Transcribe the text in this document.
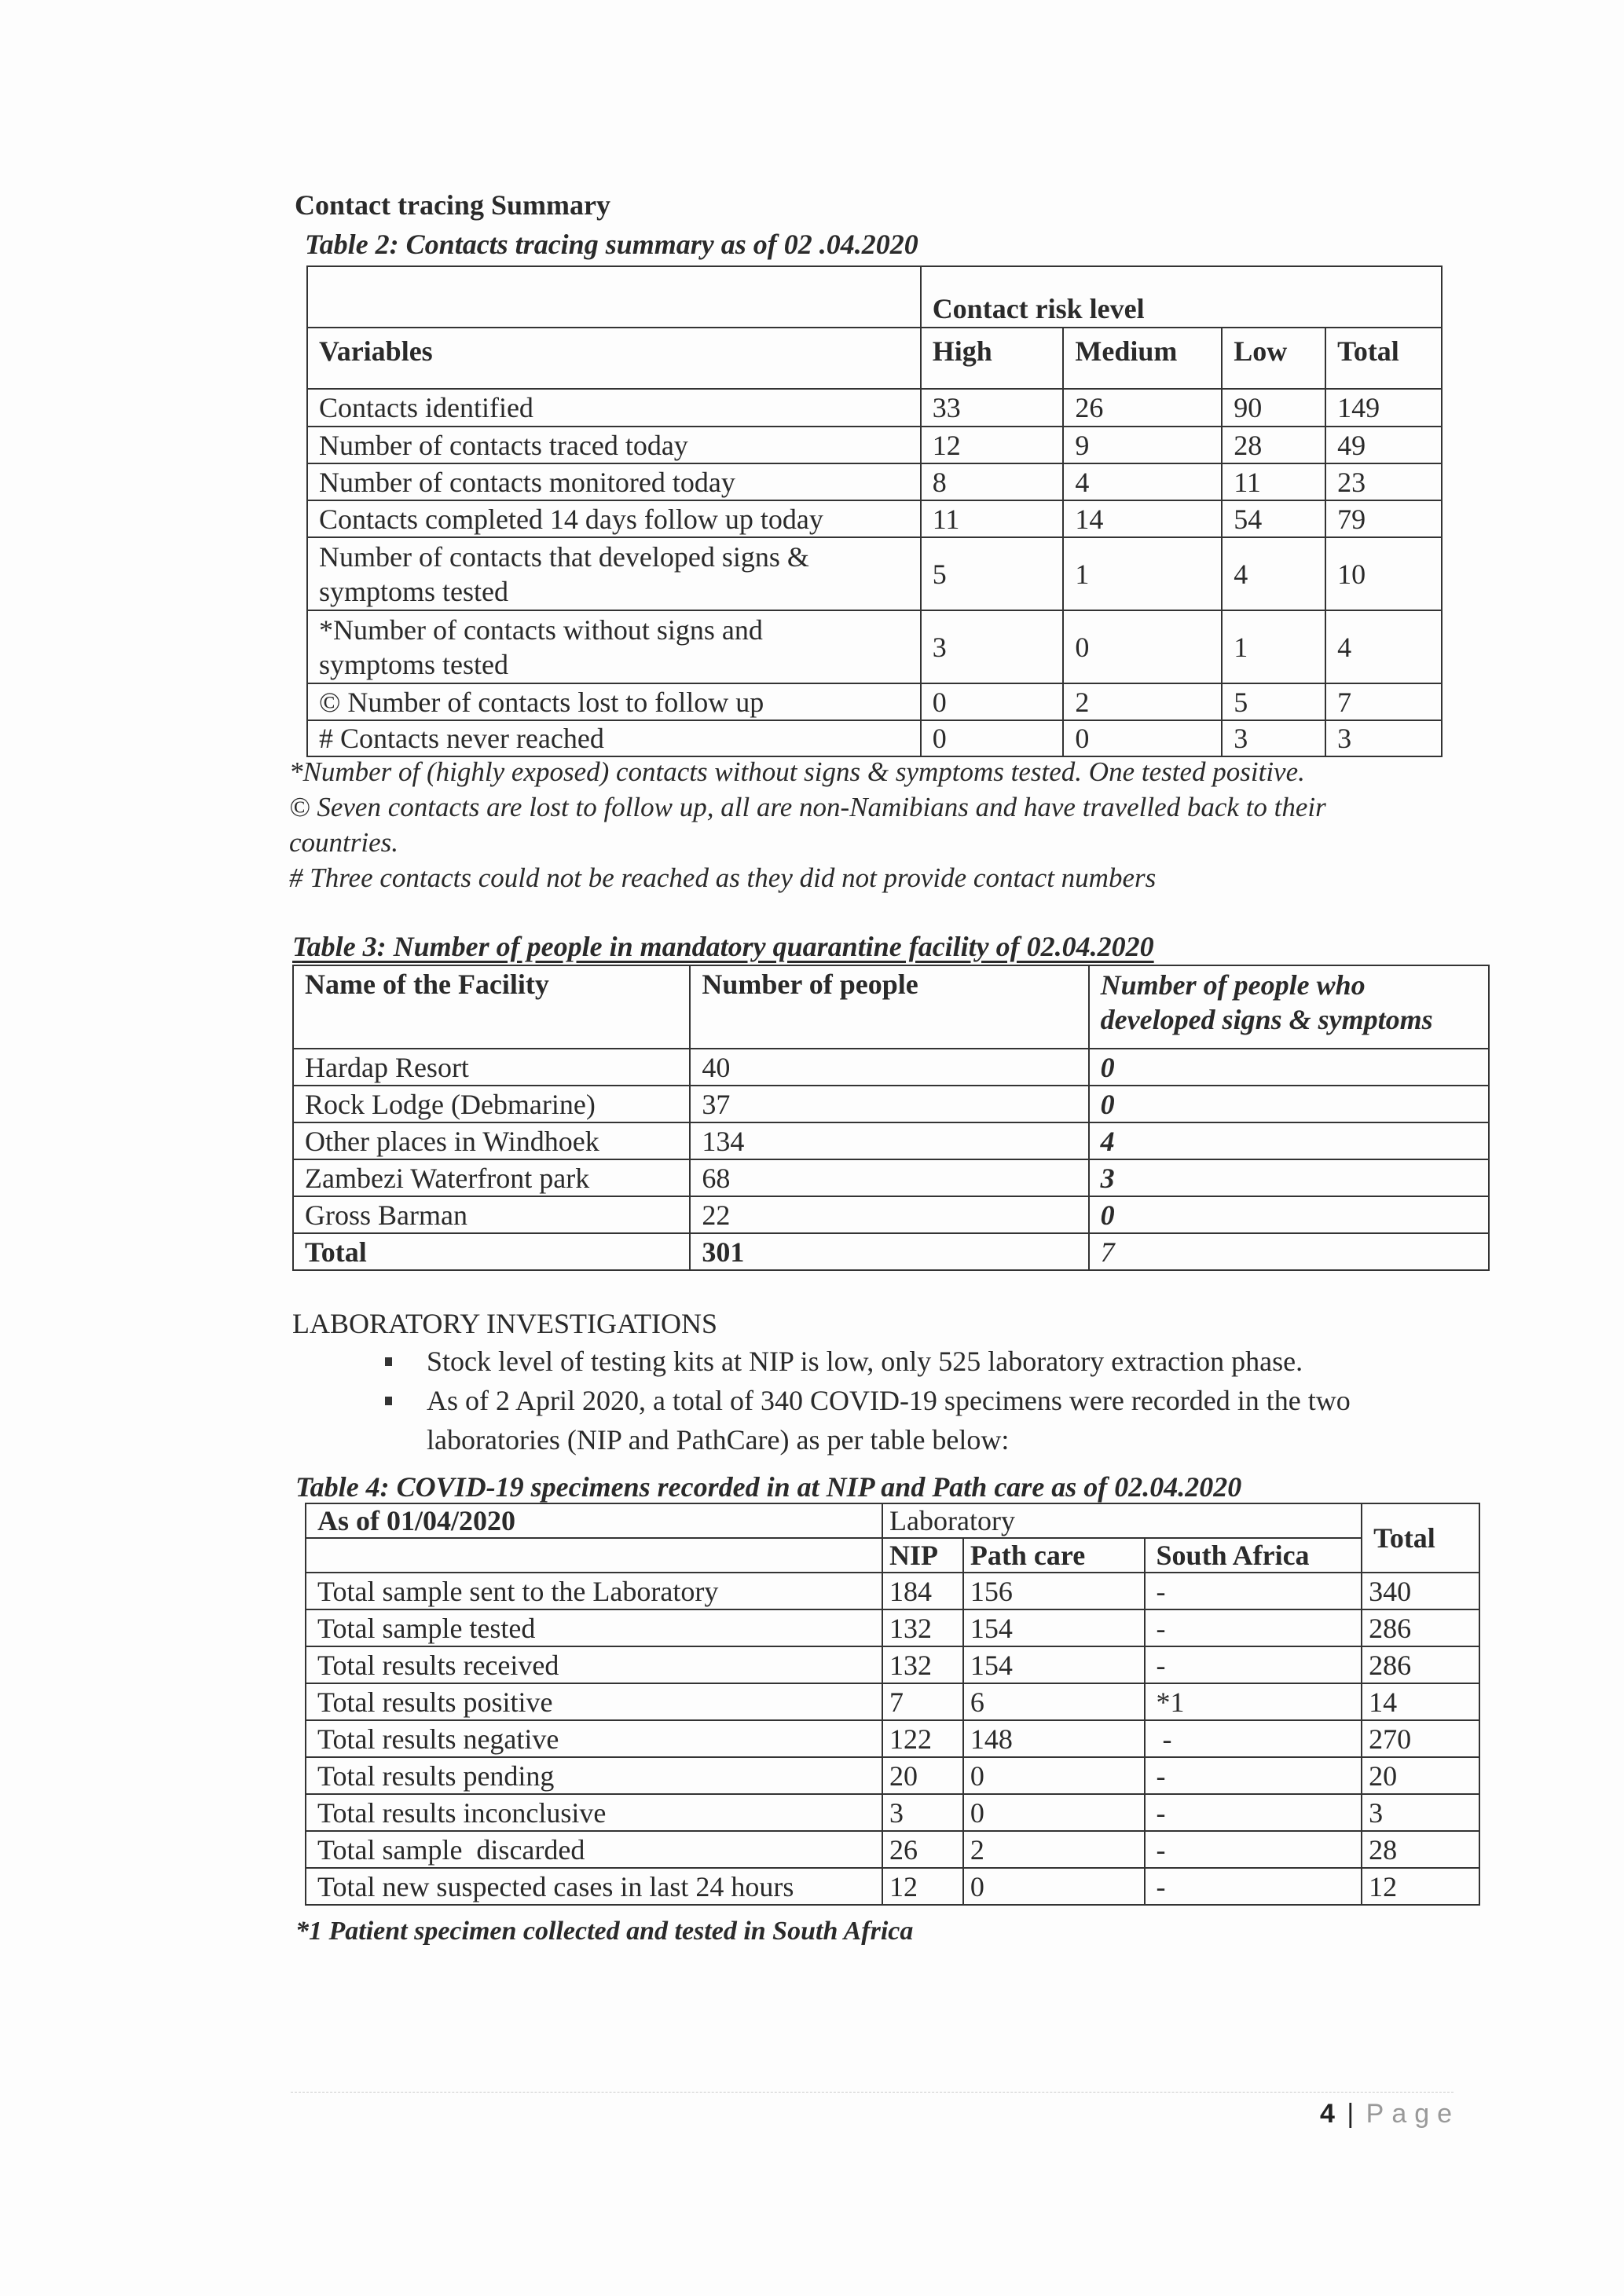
Contact tracing Summary
Table 2: Contacts tracing summary as of 02 .04.2020
	Contact risk level			
Variables	High	Medium	Low	Total
Contacts identified	33	26	90	149
Number of contacts traced today	12	9	28	49
Number of contacts monitored today	8	4	11	23
Contacts completed 14 days follow up today	11	14	54	79
Number of contacts that developed signs & symptoms tested	5	1	4	10
*Number of contacts without signs and symptoms tested	3	0	1	4
© Number of contacts lost to follow up	0	2	5	7
# Contacts never reached	0	0	3	3
*Number of (highly exposed) contacts without signs & symptoms tested. One tested positive.
© Seven contacts are lost to follow up, all are non-Namibians and have travelled back to their countries.
# Three contacts could not be reached as they did not provide contact numbers
Table 3: Number of people in mandatory quarantine facility of 02.04.2020
Name of the Facility	Number of people	Number of people who developed signs & symptoms
Hardap Resort	40	0
Rock Lodge (Debmarine)	37	0
Other places in Windhoek	134	4
Zambezi Waterfront park	68	3
Gross Barman	22	0
Total	301	7
LABORATORY INVESTIGATIONS
Stock level of testing kits at NIP is low, only 525 laboratory extraction phase.
As of 2 April 2020, a total of 340 COVID-19 specimens were recorded in the two laboratories (NIP and PathCare) as per table below:
Table 4: COVID-19 specimens recorded in at NIP and Path care as of 02.04.2020
As of 01/04/2020	Laboratory			Total
	NIP	Path care	South Africa	
Total sample sent to the Laboratory	184	156	-	340
Total sample tested	132	154	-	286
Total results received	132	154	-	286
Total results positive	7	6	*1	14
Total results negative	122	148	-	270
Total results pending	20	0	-	20
Total results inconclusive	3	0	-	3
Total sample  discarded	26	2	-	28
Total new suspected cases in last 24 hours	12	0	-	12
*1 Patient specimen collected and tested in South Africa
4 | Page
